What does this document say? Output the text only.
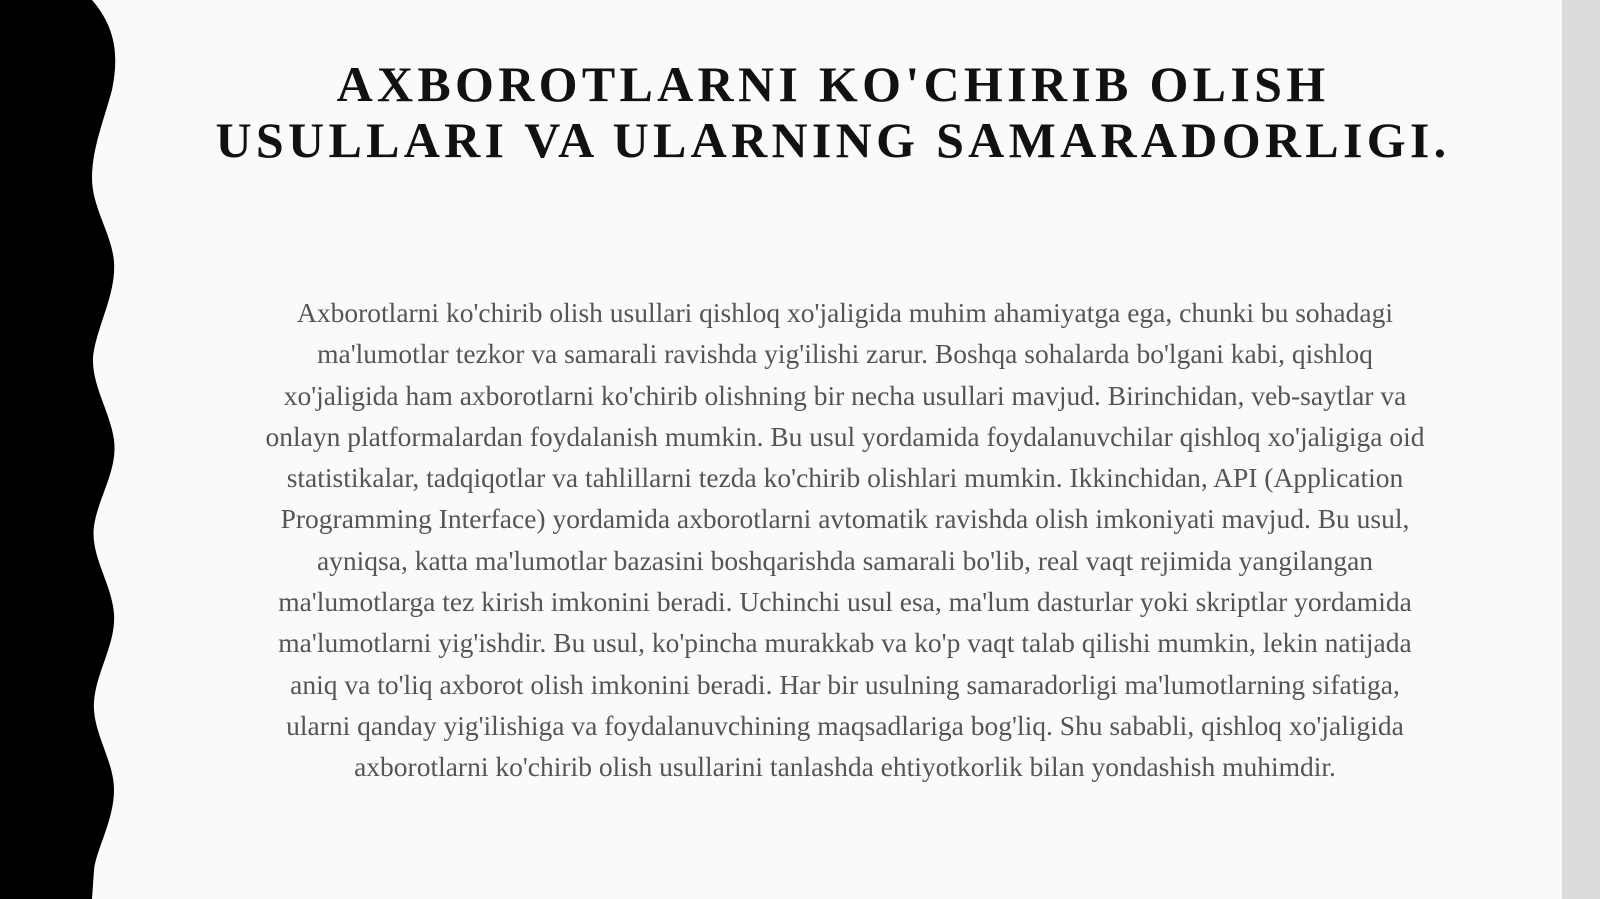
AXBOROTLARNI KO'CHIRIB OLISH
USULLARI VA ULARNING SAMARADORLIGI.

Axborotlarni ko'chirib olish usullari qishloq xo'jaligida muhim ahamiyatga ega, chunki bu sohadagi
ma'lumotlar tezkor va samarali ravishda yig'ilishi zarur. Boshqa sohalarda bo'lgani kabi, qishloq
xo'jaligida ham axborotlarni ko'chirib olishning bir necha usullari mavjud. Birinchidan, veb-saytlar va
onlayn platformalardan foydalanish mumkin. Bu usul yordamida foydalanuvchilar qishloq xo'jaligiga oid
statistikalar, tadqiqotlar va tahlillarni tezda ko'chirib olishlari mumkin. Ikkinchidan, API (Application
Programming Interface) yordamida axborotlarni avtomatik ravishda olish imkoniyati mavjud. Bu usul,
ayniqsa, katta ma'lumotlar bazasini boshqarishda samarali bo'lib, real vaqt rejimida yangilangan
ma'lumotlarga tez kirish imkonini beradi. Uchinchi usul esa, ma'lum dasturlar yoki skriptlar yordamida
ma'lumotlarni yig'ishdir. Bu usul, ko'pincha murakkab va ko'p vaqt talab qilishi mumkin, lekin natijada
aniq va to'liq axborot olish imkonini beradi. Har bir usulning samaradorligi ma'lumotlarning sifatiga,
ularni qanday yig'ilishiga va foydalanuvchining maqsadlariga bog'liq. Shu sababli, qishloq xo'jaligida
axborotlarni ko'chirib olish usullarini tanlashda ehtiyotkorlik bilan yondashish muhimdir.
